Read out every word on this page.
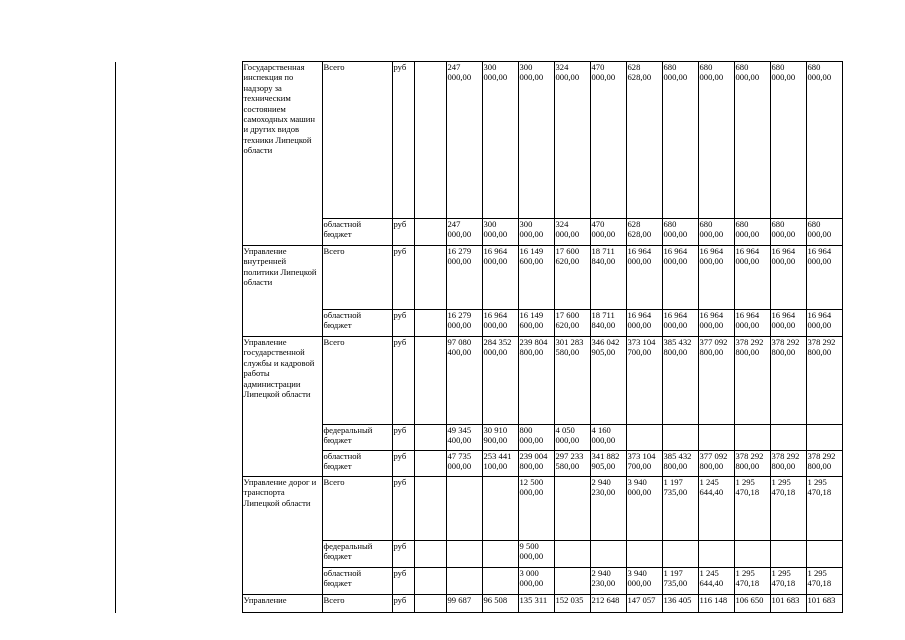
		Государственная инспекция по надзору за техническим состоянием самоходных машин и других видов техники Липецкой области	Всего	руб		247 000,00	300 000,00	300 000,00	324 000,00	470 000,00	628 628,00	680 000,00	680 000,00	680 000,00	680 000,00	680 000,00
			областной бюджет	руб		247 000,00	300 000,00	300 000,00	324 000,00	470 000,00	628 628,00	680 000,00	680 000,00	680 000,00	680 000,00	680 000,00
		Управление внутренней политики Липецкой области	Всего	руб		16 279 000,00	16 964 000,00	16 149 600,00	17 600 620,00	18 711 840,00	16 964 000,00	16 964 000,00	16 964 000,00	16 964 000,00	16 964 000,00	16 964 000,00
			областной бюджет	руб		16 279 000,00	16 964 000,00	16 149 600,00	17 600 620,00	18 711 840,00	16 964 000,00	16 964 000,00	16 964 000,00	16 964 000,00	16 964 000,00	16 964 000,00
		Управление государственной службы и кадровой работы администрации Липецкой области	Всего	руб		97 080 400,00	284 352 000,00	239 804 800,00	301 283 580,00	346 042 905,00	373 104 700,00	385 432 800,00	377 092 800,00	378 292 800,00	378 292 800,00	378 292 800,00
			федеральный бюджет	руб		49 345 400,00	30 910 900,00	800 000,00	4 050 000,00	4 160 000,00						
			областной бюджет	руб		47 735 000,00	253 441 100,00	239 004 800,00	297 233 580,00	341 882 905,00	373 104 700,00	385 432 800,00	377 092 800,00	378 292 800,00	378 292 800,00	378 292 800,00
		Управление дорог и транспорта Липецкой области	Всего	руб				12 500 000,00		2 940 230,00	3 940 000,00	1 197 735,00	1 245 644,40	1 295 470,18	1 295 470,18	1 295 470,18
			федеральный бюджет	руб				9 500 000,00								
			областной бюджет	руб				3 000 000,00		2 940 230,00	3 940 000,00	1 197 735,00	1 245 644,40	1 295 470,18	1 295 470,18	1 295 470,18
		Управление	Всего	руб		99 687	96 508	135 311	152 035	212 648	147 057	136 405	116 148	106 650	101 683	101 683
